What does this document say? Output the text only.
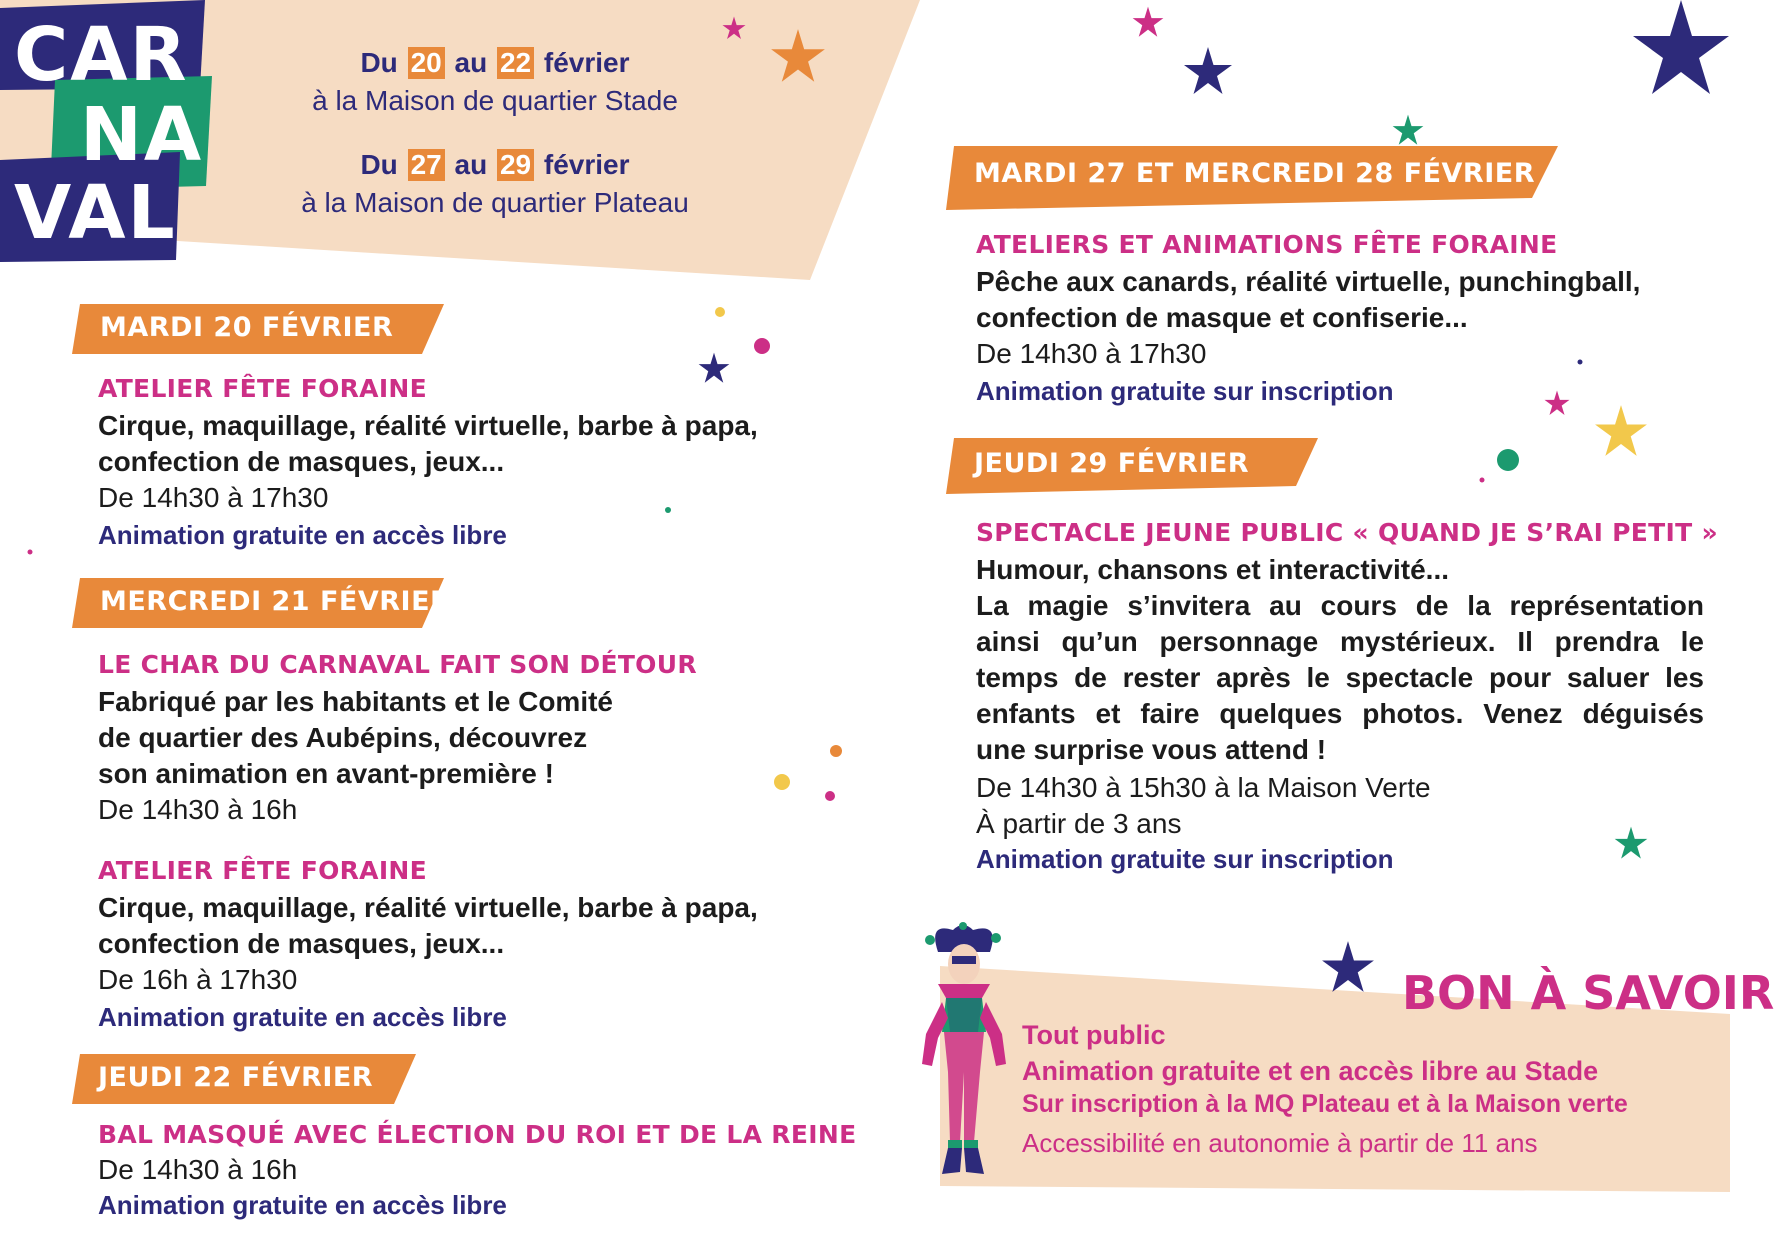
CAR
NA
VAL
Du 20 au 22 février
à la Maison de quartier Stade
Du 27 au 29 février
à la Maison de quartier Plateau
MARDI 20 FÉVRIER
ATELIER FÊTE FORAINE
Cirque, maquillage, réalité virtuelle, barbe à papa,
confection de masques, jeux...
De 14h30 à 17h30
Animation gratuite en accès libre
MERCREDI 21 FÉVRIER
LE CHAR DU CARNAVAL FAIT SON DÉTOUR
Fabriqué par les habitants et le Comité
de quartier des Aubépins, découvrez
son animation en avant-première !
De 14h30 à 16h
ATELIER FÊTE FORAINE
Cirque, maquillage, réalité virtuelle, barbe à papa,
confection de masques, jeux...
De 16h à 17h30
Animation gratuite en accès libre
JEUDI 22 FÉVRIER
BAL MASQUÉ AVEC ÉLECTION DU ROI ET DE LA REINE
De 14h30 à 16h
Animation gratuite en accès libre
MARDI 27 ET MERCREDI 28 FÉVRIER
ATELIERS ET ANIMATIONS FÊTE FORAINE
Pêche aux canards, réalité virtuelle, punchingball,
confection de masque et confiserie...
De 14h30 à 17h30
Animation gratuite sur inscription
JEUDI 29 FÉVRIER
SPECTACLE JEUNE PUBLIC « QUAND JE S’RAI PETIT »
Humour, chansons et interactivité...
La magie s’invitera au cours de la représentation
ainsi qu’un personnage mystérieux. Il prendra le
temps de rester après le spectacle pour saluer les
enfants et faire quelques photos. Venez déguisés
une surprise vous attend !
De 14h30 à 15h30 à la Maison Verte
À partir de 3 ans
Animation gratuite sur inscription
BON À SAVOIR
Tout public
Animation gratuite et en accès libre au Stade
Sur inscription à la MQ Plateau et à la Maison verte
Accessibilité en autonomie à partir de 11 ans
